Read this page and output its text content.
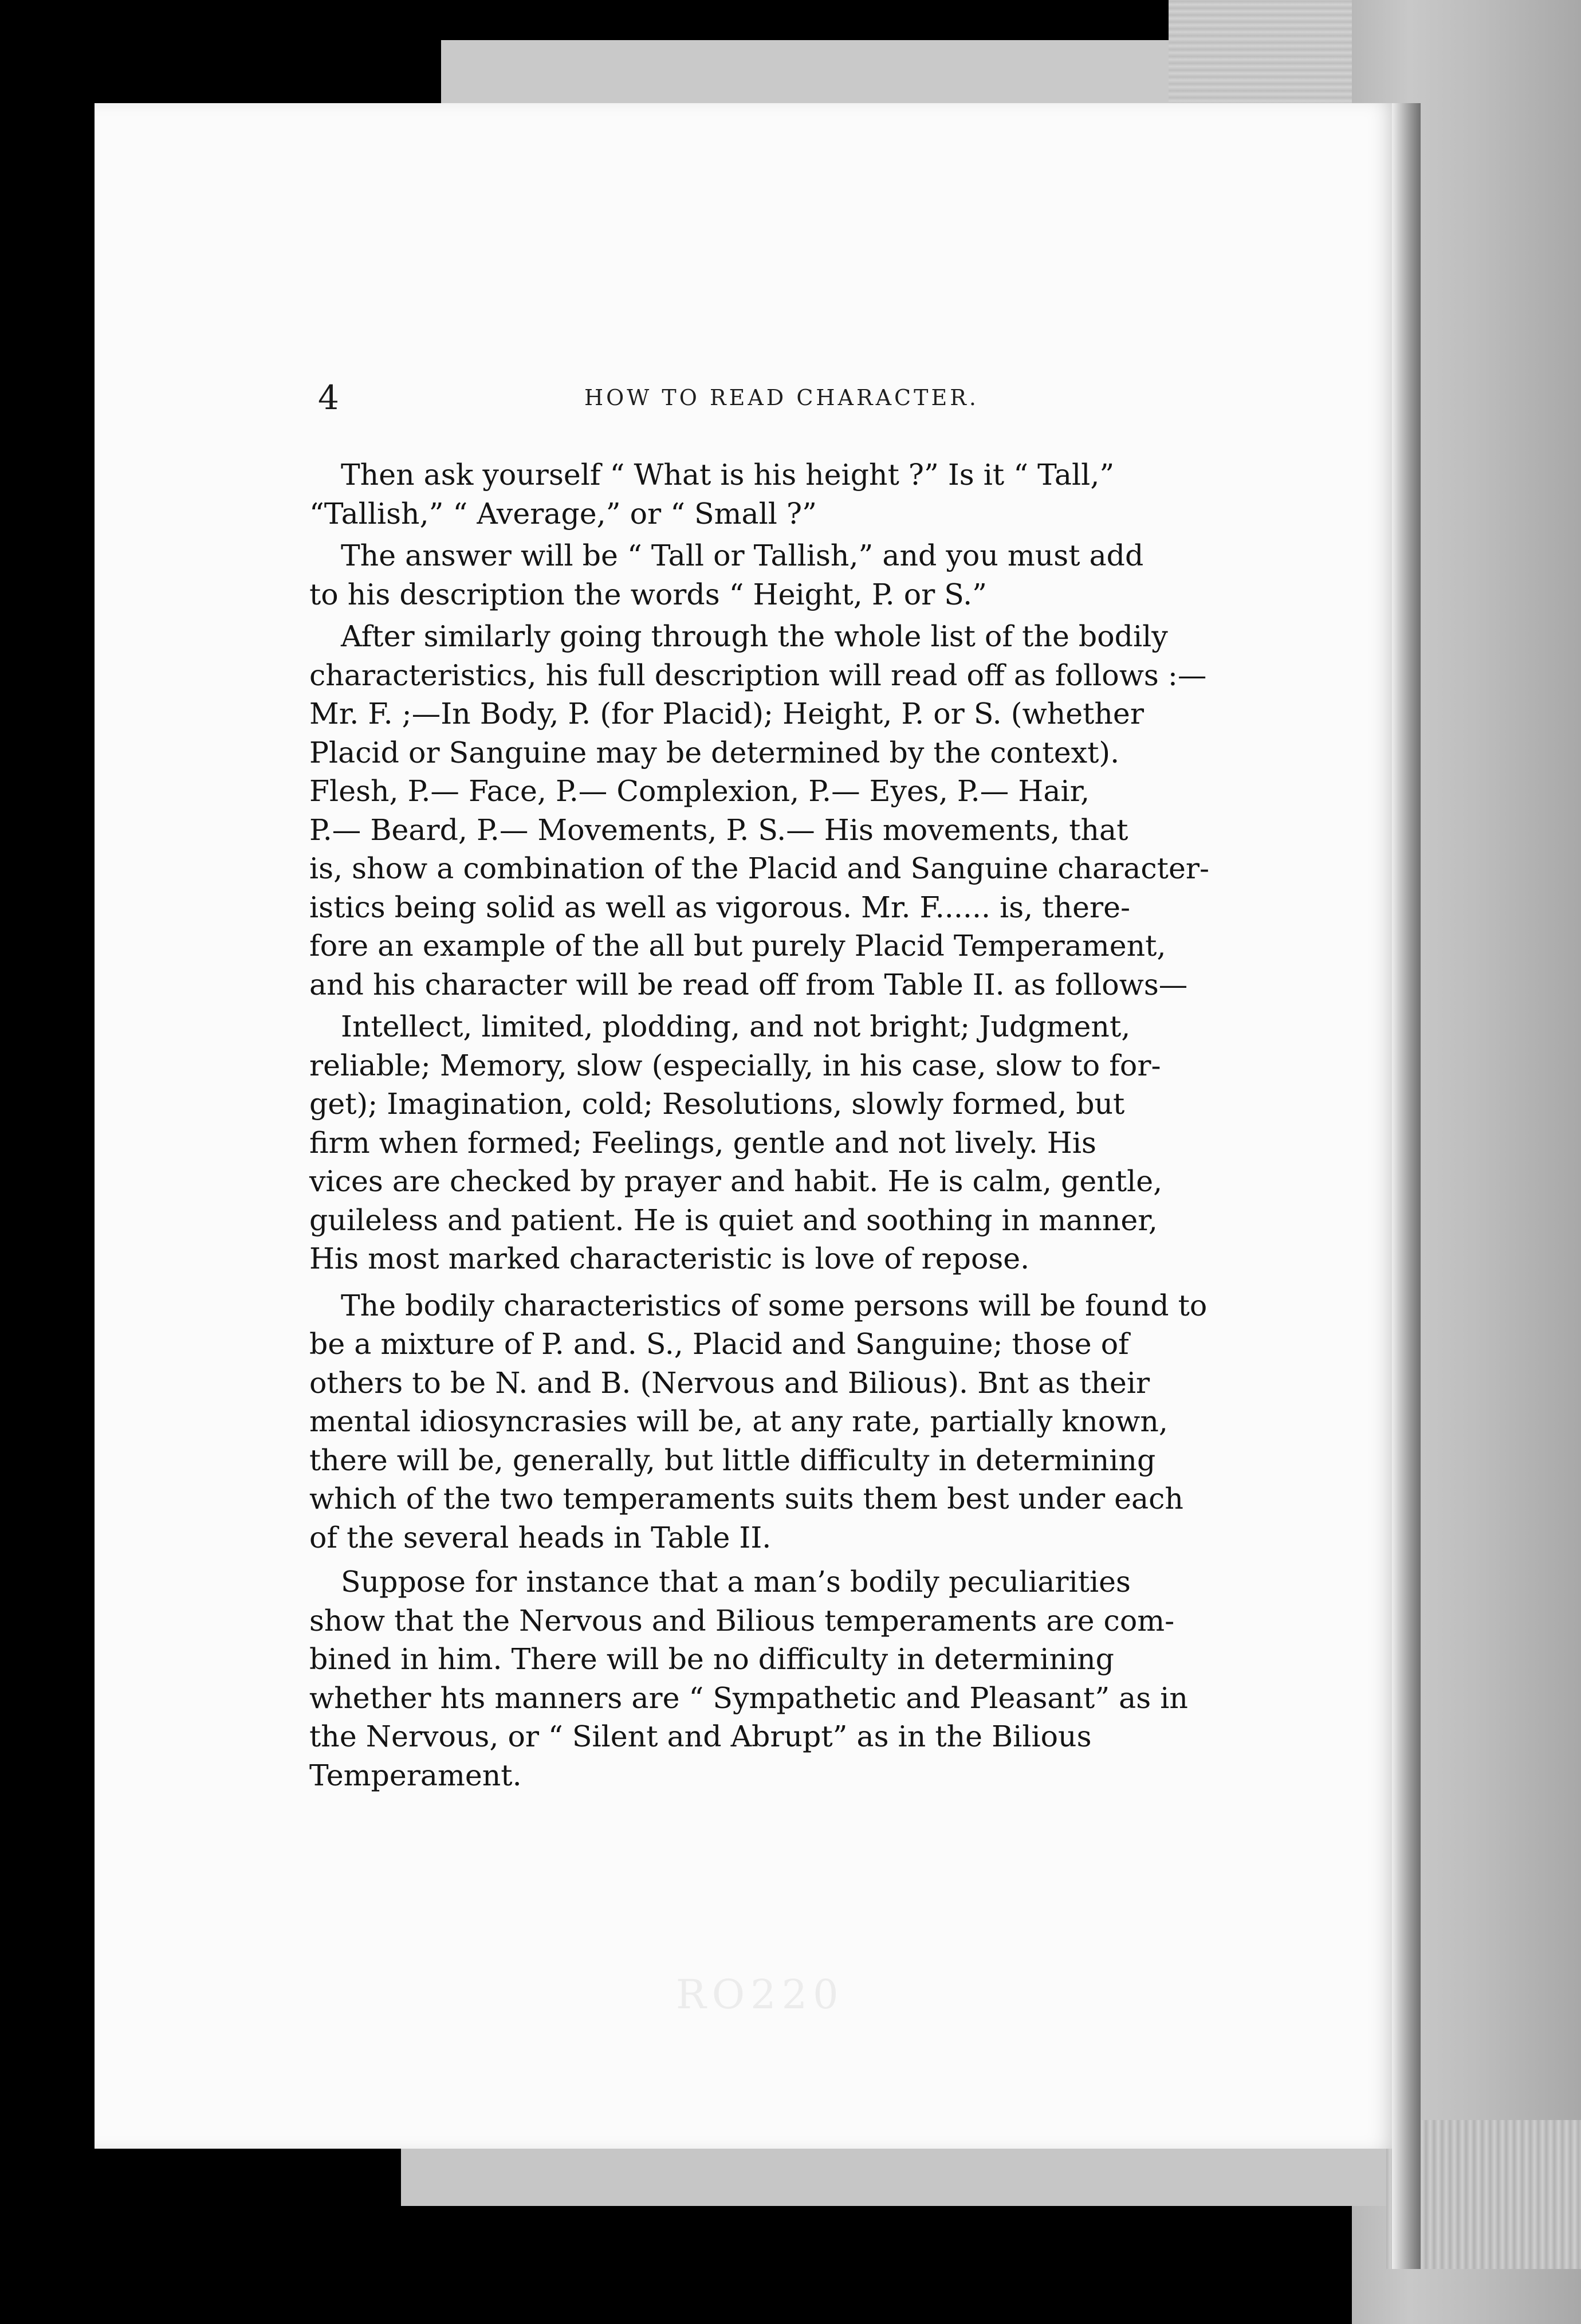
RO220
4	HOW TO READ CHARACTER.
Then ask yourself “ What is his height ?” Is it “ Tall,”
“Tallish,” “ Average,” or “ Small ?”
The answer will be “ Tall or Tallish,” and you must add
to his description the words “ Height, P. or S.”
After similarly going through the whole list of the bodily
characteristics, his full description will read off as follows :—
Mr. F. ;—In Body, P. (for Placid); Height, P. or S. (whether
Placid or Sanguine may be determined by the context).
Flesh, P.— Face, P.— Complexion, P.— Eyes, P.— Hair,
P.— Beard, P.— Movements, P. S.— His movements, that
is, show a combination of the Placid and Sanguine character-
istics being solid as well as vigorous. Mr. F...... is, there-
fore an example of the all but purely Placid Temperament,
and his character will be read off from Table II. as follows—
Intellect, limited, plodding, and not bright; Judgment,
reliable; Memory, slow (especially, in his case, slow to for-
get); Imagination, cold; Resolutions, slowly formed, but
firm when formed; Feelings, gentle and not lively. His
vices are checked by prayer and habit. He is calm, gentle,
guileless and patient. He is quiet and soothing in manner,
His most marked characteristic is love of repose.
The bodily characteristics of some persons will be found to
be a mixture of P. and. S., Placid and Sanguine; those of
others to be N. and B. (Nervous and Bilious). Bnt as their
mental idiosyncrasies will be, at any rate, partially known,
there will be, generally, but little difficulty in determining
which of the two temperaments suits them best under each
of the several heads in Table II.
Suppose for instance that a man’s bodily peculiarities
show that the Nervous and Bilious temperaments are com-
bined in him. There will be no difficulty in determining
whether hts manners are “ Sympathetic and Pleasant” as in
the Nervous, or “ Silent and Abrupt” as in the Bilious
Temperament.
